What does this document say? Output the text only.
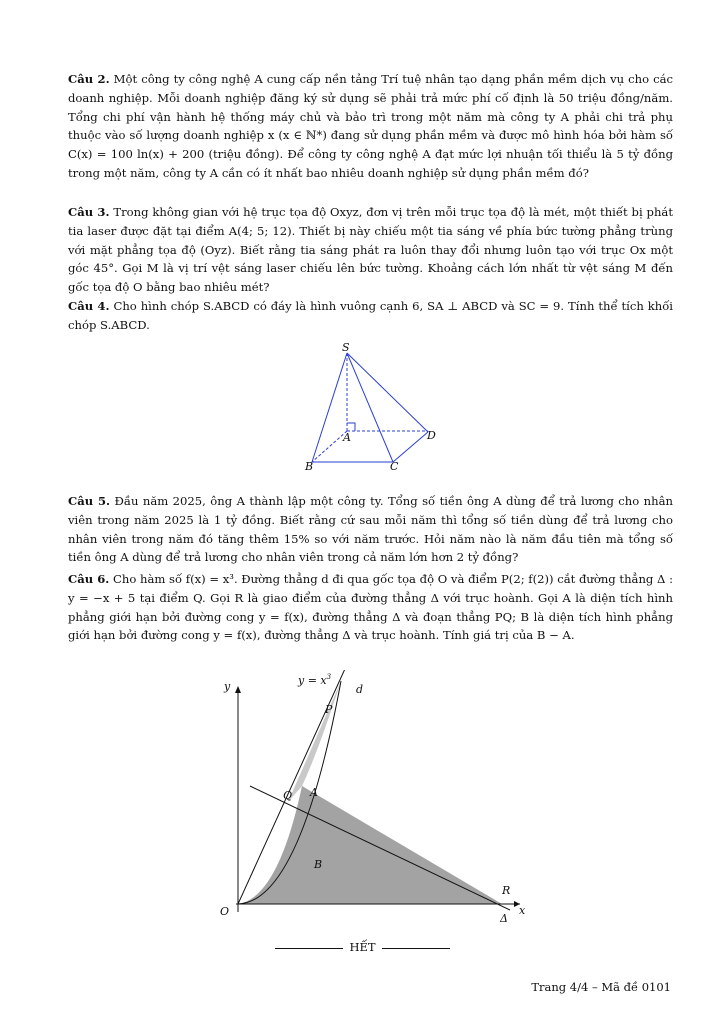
Câu 2. Một công ty công nghệ A cung cấp nền tảng Trí tuệ nhân tạo dạng phần mềm dịch vụ cho các doanh nghiệp. Mỗi doanh nghiệp đăng ký sử dụng sẽ phải trả mức phí cố định là 50 triệu đồng/năm. Tổng chi phí vận hành hệ thống máy chủ và bảo trì trong một năm mà công ty A phải chi trả phụ thuộc vào số lượng doanh nghiệp x (x ∈ ℕ*) đang sử dụng phần mềm và được mô hình hóa bởi hàm số C(x) = 100 ln(x) + 200 (triệu đồng). Để công ty công nghệ A đạt mức lợi nhuận tối thiểu là 5 tỷ đồng trong một năm, công ty A cần có ít nhất bao nhiêu doanh nghiệp sử dụng phần mềm đó?
Câu 3. Trong không gian với hệ trục tọa độ Oxyz, đơn vị trên mỗi trục tọa độ là mét, một thiết bị phát tia laser được đặt tại điểm A(4; 5; 12). Thiết bị này chiếu một tia sáng về phía bức tường phẳng trùng với mặt phẳng tọa độ (Oyz). Biết rằng tia sáng phát ra luôn thay đổi nhưng luôn tạo với trục Ox một góc 45°. Gọi M là vị trí vệt sáng laser chiếu lên bức tường. Khoảng cách lớn nhất từ vệt sáng M đến gốc tọa độ O bằng bao nhiêu mét?
Câu 4. Cho hình chóp S.ABCD có đáy là hình vuông cạnh 6, SA ⊥ ABCD và SC = 9. Tính thể tích khối chóp S.ABCD.
S
A
B	C
D
Câu 5. Đầu năm 2025, ông A thành lập một công ty. Tổng số tiền ông A dùng để trả lương cho nhân viên trong năm 2025 là 1 tỷ đồng. Biết rằng cứ sau mỗi năm thì tổng số tiền dùng để trả lương cho nhân viên trong năm đó tăng thêm 15% so với năm trước. Hỏi năm nào là năm đầu tiên mà tổng số tiền ông A dùng để trả lương cho nhân viên trong cả năm lớn hơn 2 tỷ đồng?
Câu 6. Cho hàm số f(x) = x³. Đường thẳng d đi qua gốc tọa độ O và điểm P(2; f(2)) cắt đường thẳng Δ : y = −x + 5 tại điểm Q. Gọi R là giao điểm của đường thẳng Δ với trục hoành. Gọi A là diện tích hình phẳng giới hạn bởi đường cong y = f(x), đường thẳng Δ và đoạn thẳng PQ; B là diện tích hình phẳng giới hạn bởi đường cong y = f(x), đường thẳng Δ và trục hoành. Tính giá trị của B − A.
y
x
O
$y = x^3$
d
P
Q A
B
R
Δ
HẾT
Trang 4/4 – Mã đề 0101
